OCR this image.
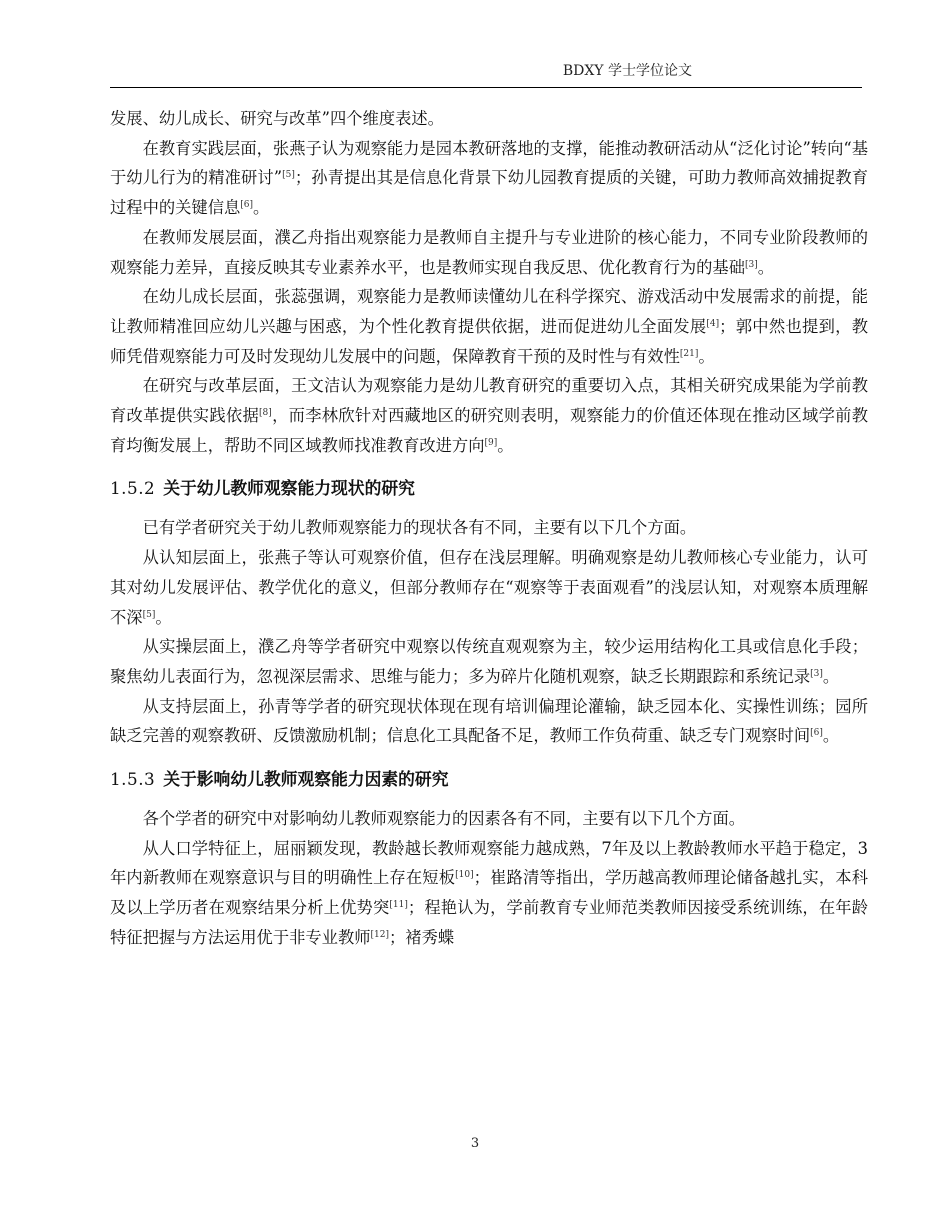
BDXY 学士学位论文

发展、幼儿成长、研究与改革”四个维度表述。

在教育实践层面，张燕子认为观察能力是园本教研落地的支撑，能推动教研活动从“泛化讨论”转向“基于幼儿行为的精准研讨”[5]；孙青提出其是信息化背景下幼儿园教育提质的关键，可助力教师高效捕捉教育过程中的关键信息[6]。

在教师发展层面，濮乙舟指出观察能力是教师自主提升与专业进阶的核心能力，不同专业阶段教师的观察能力差异，直接反映其专业素养水平，也是教师实现自我反思、优化教育行为的基础[3]。

在幼儿成长层面，张蕊强调，观察能力是教师读懂幼儿在科学探究、游戏活动中发展需求的前提，能让教师精准回应幼儿兴趣与困惑，为个性化教育提供依据，进而促进幼儿全面发展[4]；郭中然也提到，教师凭借观察能力可及时发现幼儿发展中的问题，保障教育干预的及时性与有效性[21]。

在研究与改革层面，王文洁认为观察能力是幼儿教育研究的重要切入点，其相关研究成果能为学前教育改革提供实践依据[8]，而李林欣针对西藏地区的研究则表明，观察能力的价值还体现在推动区域学前教育均衡发展上，帮助不同区域教师找准教育改进方向[9]。

1.5.2 关于幼儿教师观察能力现状的研究

已有学者研究关于幼儿教师观察能力的现状各有不同，主要有以下几个方面。

从认知层面上，张燕子等认可观察价值，但存在浅层理解。明确观察是幼儿教师核心专业能力，认可其对幼儿发展评估、教学优化的意义，但部分教师存在“观察等于表面观看”的浅层认知，对观察本质理解不深[5]。

从实操层面上，濮乙舟等学者研究中观察以传统直观观察为主，较少运用结构化工具或信息化手段；聚焦幼儿表面行为，忽视深层需求、思维与能力；多为碎片化随机观察，缺乏长期跟踪和系统记录[3]。

从支持层面上，孙青等学者的研究现状体现在现有培训偏理论灌输，缺乏园本化、实操性训练；园所缺乏完善的观察教研、反馈激励机制；信息化工具配备不足，教师工作负荷重、缺乏专门观察时间[6]。

1.5.3 关于影响幼儿教师观察能力因素的研究

各个学者的研究中对影响幼儿教师观察能力的因素各有不同，主要有以下几个方面。

从人口学特征上，屈丽颖发现，教龄越长教师观察能力越成熟，7年及以上教龄教师水平趋于稳定，3年内新教师在观察意识与目的明确性上存在短板[10]；崔路清等指出，学历越高教师理论储备越扎实，本科及以上学历者在观察结果分析上优势突[11]；程艳认为，学前教育专业师范类教师因接受系统训练，在年龄特征把握与方法运用优于非专业教师[12]；褚秀蝶

3
